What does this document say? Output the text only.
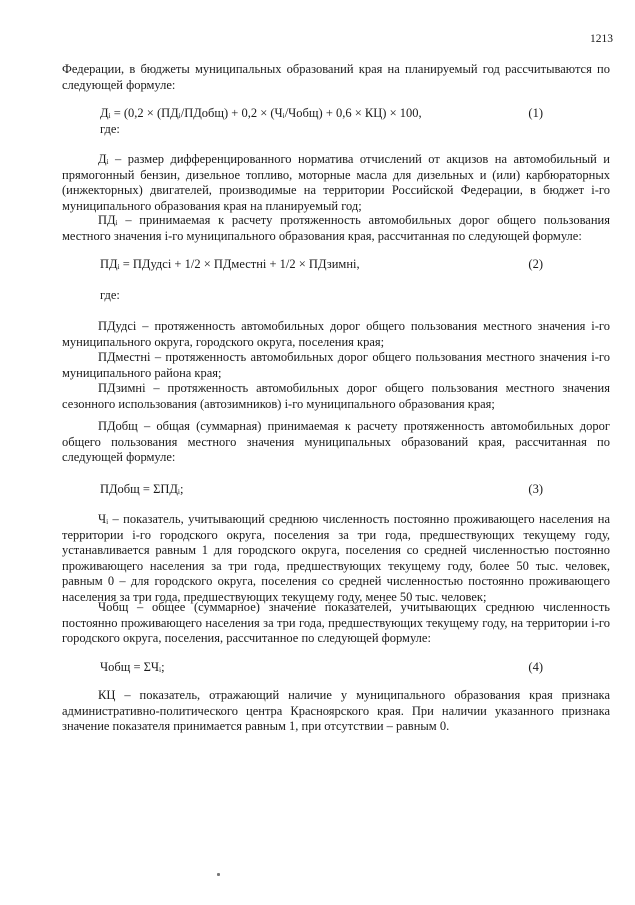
1213

Федерации, в бюджеты муниципальных образований края на планируемый год рассчитываются по следующей формуле:

Дᵢ = (0,2 × (ПДᵢ/ПДобщ) + 0,2 × (Чᵢ/Чобщ) + 0,6 × КЦ) × 100,	(1)
где:

Дᵢ – размер дифференцированного норматива отчислений от акцизов на автомобильный и прямогонный бензин, дизельное топливо, моторные масла для дизельных и (или) карбюраторных (инжекторных) двигателей, производимые на территории Российской Федерации, в бюджет i-го муниципального образования края на планируемый год;

ПДᵢ – принимаемая к расчету протяженность автомобильных дорог общего пользования местного значения i-го муниципального образования края, рассчитанная по следующей формуле:

ПДᵢ = ПДудсi + 1/2 × ПДместнi + 1/2 × ПДзимнi,	(2)
где:

ПДудсi – протяженность автомобильных дорог общего пользования местного значения i-го муниципального округа, городского округа, поселения края;

ПДместнi – протяженность автомобильных дорог общего пользования местного значения i-го муниципального района края;

ПДзимнi – протяженность автомобильных дорог общего пользования местного значения сезонного использования (автозимников) i-го муниципального образования края;

ПДобщ – общая (суммарная) принимаемая к расчету протяженность автомобильных дорог общего пользования местного значения муниципальных образований края, рассчитанная по следующей формуле:

ПДобщ = ΣПДᵢ;	(3)

Чᵢ – показатель, учитывающий среднюю численность постоянно проживающего населения на территории i-го городского округа, поселения за три года, предшествующих текущему году, устанавливается равным 1 для городского округа, поселения со средней численностью постоянно проживающего населения за три года, предшествующих текущему году, более 50 тыс. человек, равным 0 – для городского округа, поселения со средней численностью постоянно проживающего населения за три года, предшествующих текущему году, менее 50 тыс. человек;

Чобщ – общее (суммарное) значение показателей, учитывающих среднюю численность постоянно проживающего населения за три года, предшествующих текущему году, на территории i-го городского округа, поселения, рассчитанное по следующей формуле:

Чобщ = ΣЧᵢ;	(4)

КЦ – показатель, отражающий наличие у муниципального образования края признака административно-политического центра Красноярского края. При наличии указанного признака значение показателя принимается равным 1, при отсутствии – равным 0.
